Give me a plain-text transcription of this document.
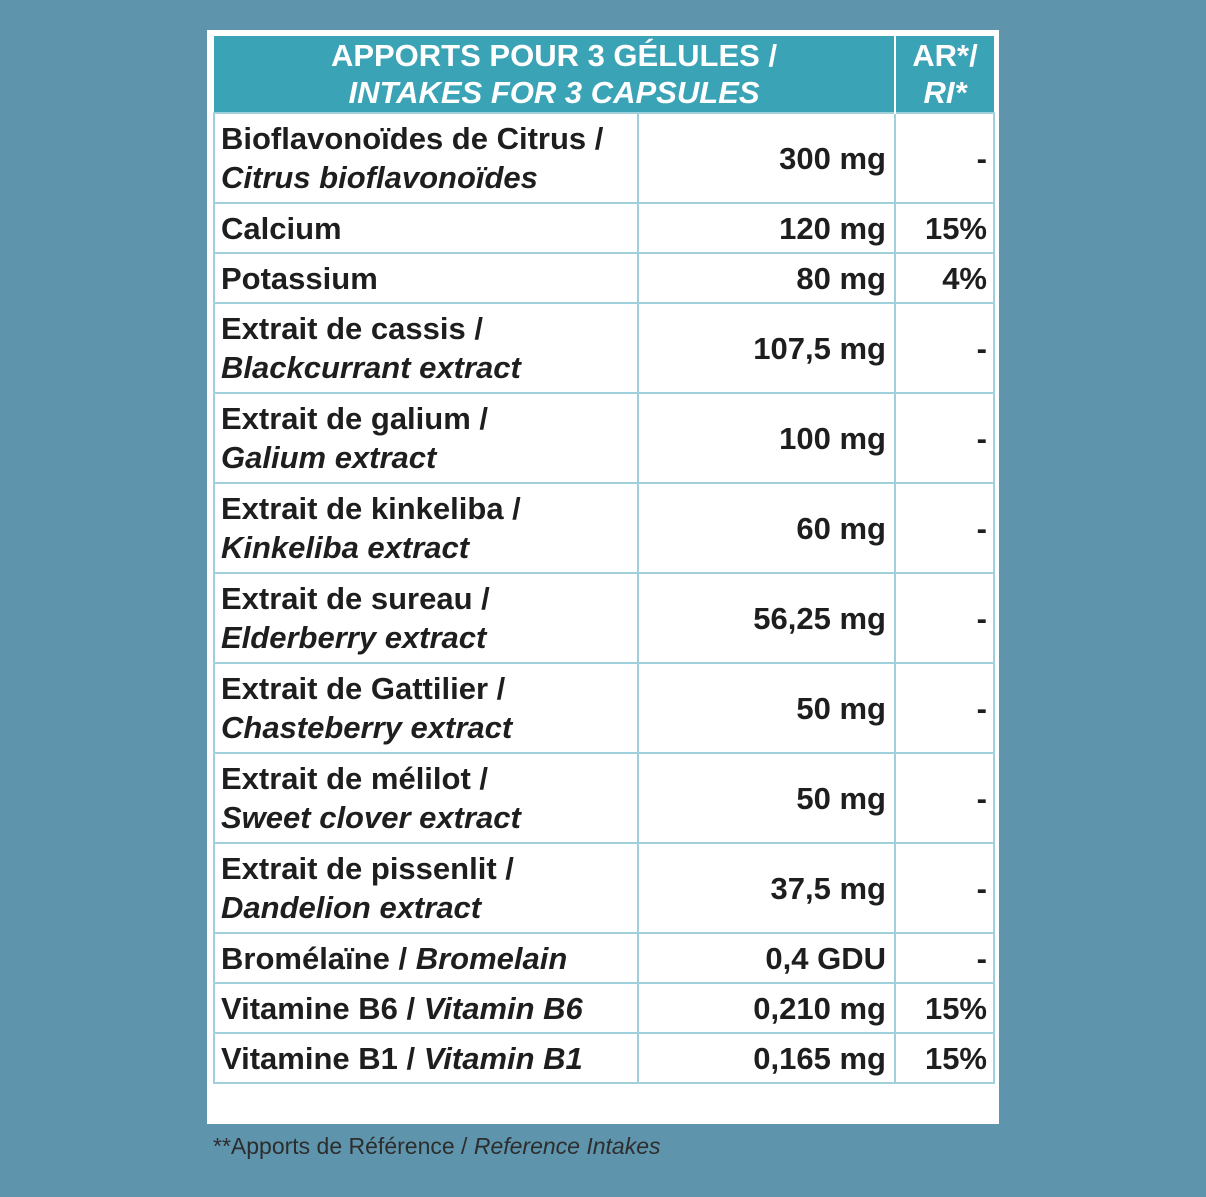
APPORTS POUR 3 GÉLULES /
INTAKES FOR 3 CAPSULES		AR*/
RI*

Bioflavonoïdes de Citrus /
Citrus bioflavonoïdes	300 mg	-
Calcium	120 mg	15%
Potassium	80 mg	4%

Extrait de cassis /
Blackcurrant extract	107,5 mg	-

Extrait de galium /
Galium extract	100 mg	-

Extrait de kinkeliba /
Kinkeliba extract	60 mg	-

Extrait de sureau /
Elderberry extract	56,25 mg	-

Extrait de Gattilier /
Chasteberry extract	50 mg	-

Extrait de mélilot /
Sweet clover extract	50 mg	-

Extrait de pissenlit /
Dandelion extract	37,5 mg	-
Bromélaïne / Bromelain	0,4 GDU	-
Vitamine B6 / Vitamin B6	0,210 mg	15%
Vitamine B1 / Vitamin B1	0,165 mg	15%
**Apports de Référence / Reference Intakes
